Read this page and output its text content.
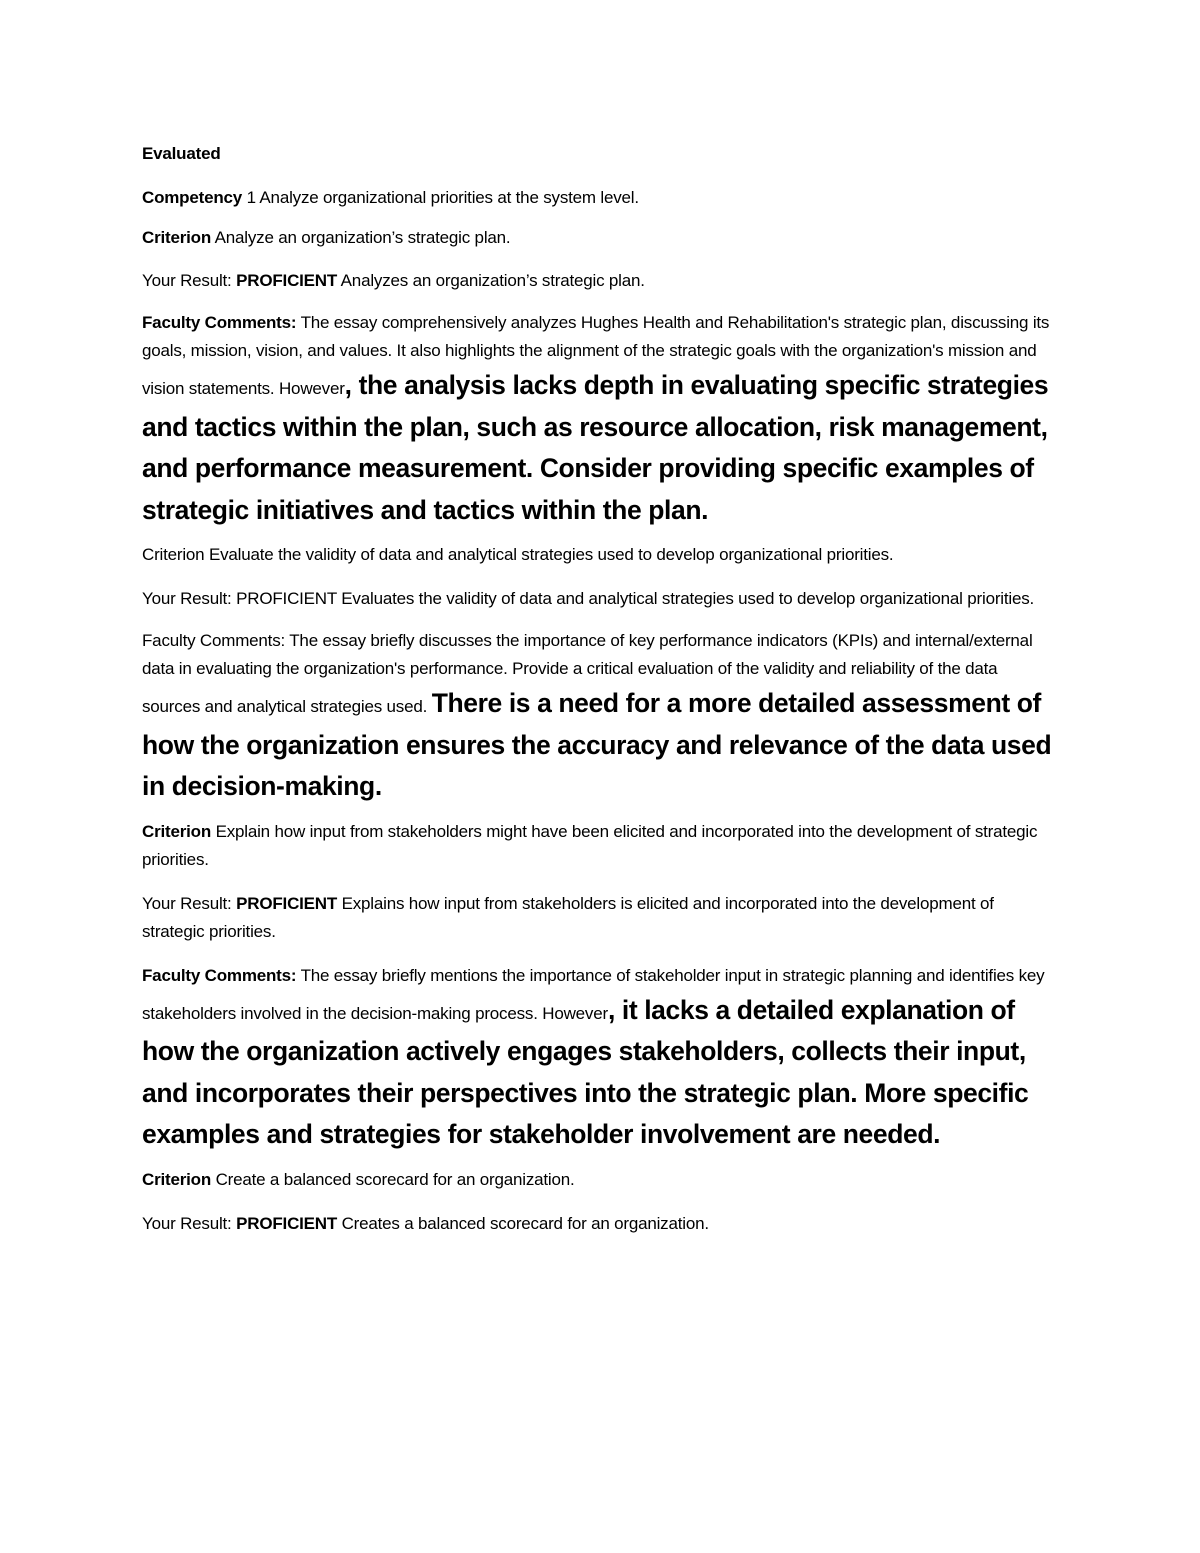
Evaluated

Competency 1 Analyze organizational priorities at the system level.

Criterion Analyze an organization’s strategic plan.

Your Result: PROFICIENT Analyzes an organization’s strategic plan.

Faculty Comments: The essay comprehensively analyzes Hughes Health and Rehabilitation's strategic plan, discussing its goals, mission, vision, and values. It also highlights the alignment of the strategic goals with the organization's mission and vision statements. However, the analysis lacks depth in evaluating specific strategies and tactics within the plan, such as resource allocation, risk management, and performance measurement. Consider providing specific examples of strategic initiatives and tactics within the plan.

Criterion Evaluate the validity of data and analytical strategies used to develop organizational priorities.

Your Result: PROFICIENT Evaluates the validity of data and analytical strategies used to develop organizational priorities.

Faculty Comments: The essay briefly discusses the importance of key performance indicators (KPIs) and internal/external data in evaluating the organization's performance. Provide a critical evaluation of the validity and reliability of the data sources and analytical strategies used. There is a need for a more detailed assessment of how the organization ensures the accuracy and relevance of the data used in decision-making.

Criterion Explain how input from stakeholders might have been elicited and incorporated into the development of strategic priorities.

Your Result: PROFICIENT Explains how input from stakeholders is elicited and incorporated into the development of strategic priorities.

Faculty Comments: The essay briefly mentions the importance of stakeholder input in strategic planning and identifies key stakeholders involved in the decision-making process. However, it lacks a detailed explanation of how the organization actively engages stakeholders, collects their input, and incorporates their perspectives into the strategic plan. More specific examples and strategies for stakeholder involvement are needed.

Criterion Create a balanced scorecard for an organization.

Your Result: PROFICIENT Creates a balanced scorecard for an organization.
